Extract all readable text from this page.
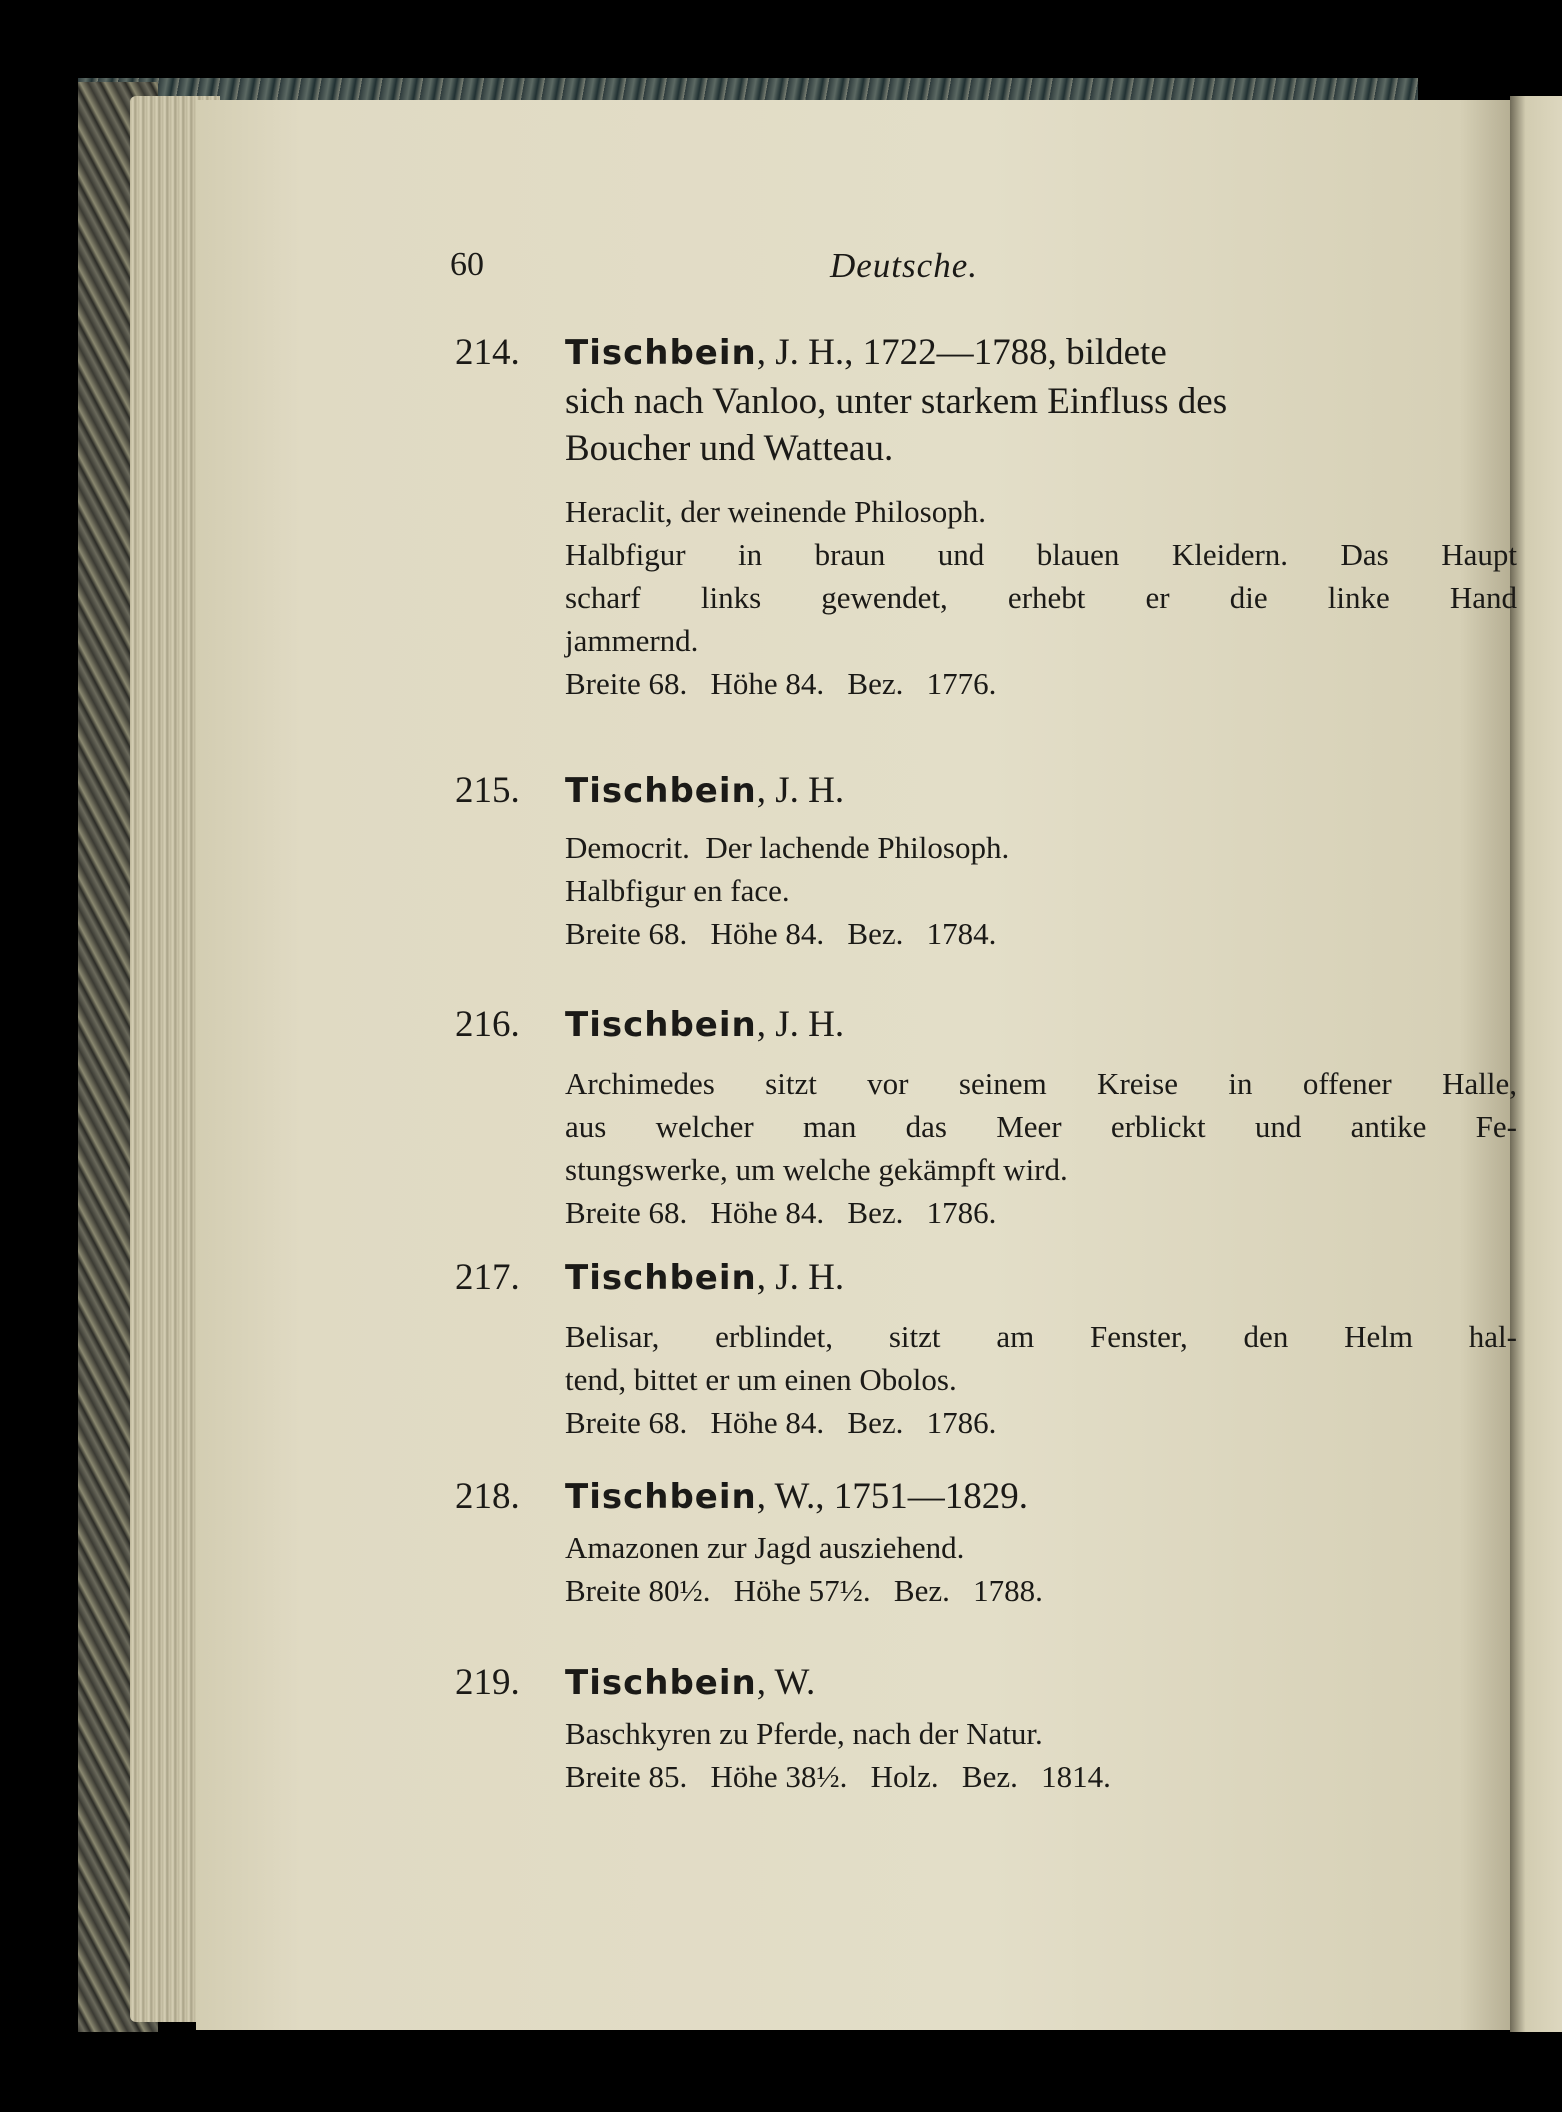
60	Deutsche.
214. Tischbein, J. H., 1722—1788, bildete
sich nach Vanloo, unter starkem Einfluss des
Boucher und Watteau.
Heraclit, der weinende Philosoph.
Halbfigur in braun und blauen Kleidern. Das Haupt
scharf links gewendet, erhebt er die linke Hand
jammernd.
Breite 68.   Höhe 84.   Bez.   1776.
215. Tischbein, J. H.
Democrit.  Der lachende Philosoph.
Halbfigur en face.
Breite 68.   Höhe 84.   Bez.   1784.
216. Tischbein, J. H.
Archimedes sitzt vor seinem Kreise in offener Halle,
aus welcher man das Meer erblickt und antike Fe-
stungswerke, um welche gekämpft wird.
Breite 68.   Höhe 84.   Bez.   1786.
217. Tischbein, J. H.
Belisar, erblindet, sitzt am Fenster, den Helm hal-
tend, bittet er um einen Obolos.
Breite 68.   Höhe 84.   Bez.   1786.
218. Tischbein, W., 1751—1829.
Amazonen zur Jagd ausziehend.
Breite 80½.   Höhe 57½.   Bez.   1788.
219. Tischbein, W.
Baschkyren zu Pferde, nach der Natur.
Breite 85.   Höhe 38½.   Holz.   Bez.   1814.
